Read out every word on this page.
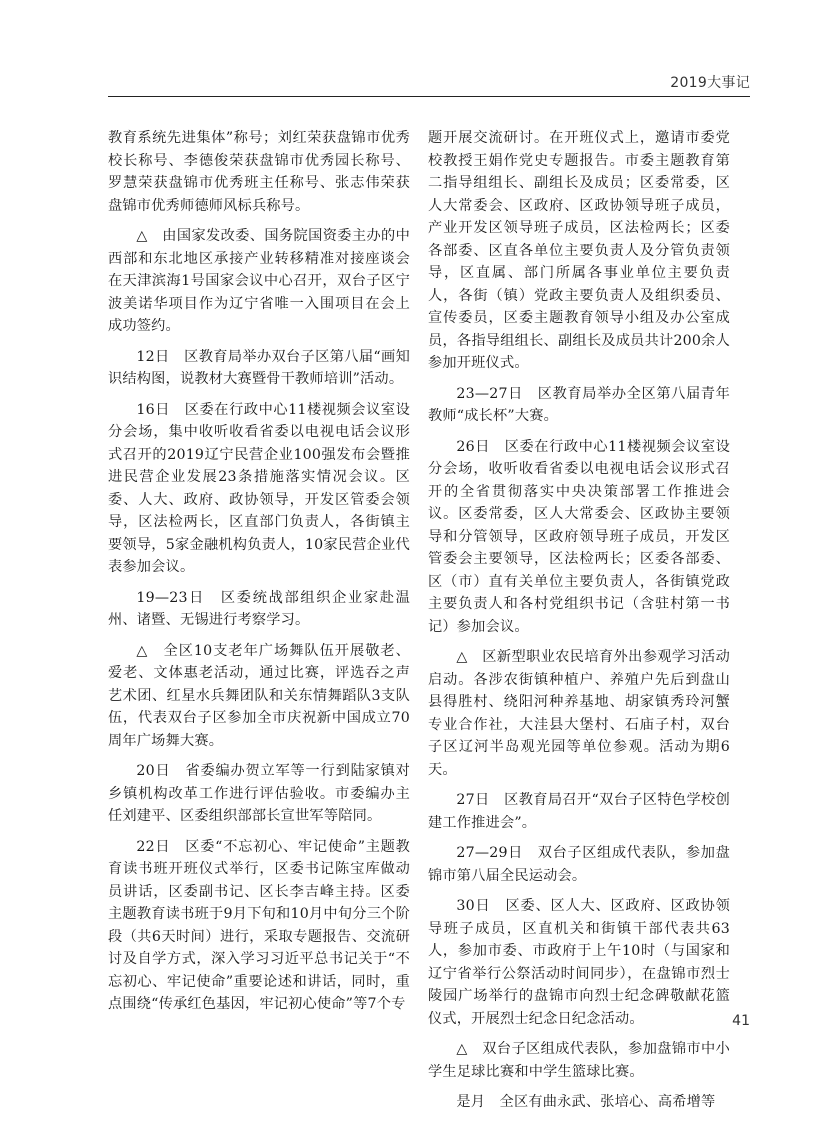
2019大事记

教育系统先进集体”称号；刘红荣获盘锦市优秀校长称号、李德俊荣获盘锦市优秀园长称号、罗慧荣获盘锦市优秀班主任称号、张志伟荣获盘锦市优秀师德师风标兵称号。

△　由国家发改委、国务院国资委主办的中西部和东北地区承接产业转移精准对接座谈会在天津滨海1号国家会议中心召开，双台子区宁波美诺华项目作为辽宁省唯一入围项目在会上成功签约。

12日　区教育局举办双台子区第八届“画知识结构图，说教材大赛暨骨干教师培训”活动。

16日　区委在行政中心11楼视频会议室设分会场，集中收听收看省委以电视电话会议形式召开的2019辽宁民营企业100强发布会暨推进民营企业发展23条措施落实情况会议。区委、人大、政府、政协领导，开发区管委会领导，区法检两长，区直部门负责人，各街镇主要领导，5家金融机构负责人，10家民营企业代表参加会议。

19—23日　区委统战部组织企业家赴温州、诸暨、无锡进行考察学习。

△　全区10支老年广场舞队伍开展敬老、爱老、文体惠老活动，通过比赛，评选吞之声艺术团、红星水兵舞团队和关东情舞蹈队3支队伍，代表双台子区参加全市庆祝新中国成立70周年广场舞大赛。

20日　省委编办贺立军等一行到陆家镇对乡镇机构改革工作进行评估验收。市委编办主任刘建平、区委组织部部长宣世军等陪同。

22日　区委“不忘初心、牢记使命”主题教育读书班开班仪式举行，区委书记陈宝库做动员讲话，区委副书记、区长李吉峰主持。区委主题教育读书班于9月下旬和10月中旬分三个阶段（共6天时间）进行，采取专题报告、交流研讨及自学方式，深入学习习近平总书记关于“不忘初心、牢记使命”重要论述和讲话，同时，重点围绕“传承红色基因，牢记初心使命”等7个专

题开展交流研讨。在开班仪式上，邀请市委党校教授王娟作党史专题报告。市委主题教育第二指导组组长、副组长及成员；区委常委，区人大常委会、区政府、区政协领导班子成员，产业开发区领导班子成员，区法检两长；区委各部委、区直各单位主要负责人及分管负责领导，区直属、部门所属各事业单位主要负责人，各街（镇）党政主要负责人及组织委员、宣传委员，区委主题教育领导小组及办公室成员，各指导组组长、副组长及成员共计200余人参加开班仪式。

23—27日　区教育局举办全区第八届青年教师“成长杯”大赛。

26日　区委在行政中心11楼视频会议室设分会场，收听收看省委以电视电话会议形式召开的全省贯彻落实中央决策部署工作推进会议。区委常委，区人大常委会、区政协主要领导和分管领导，区政府领导班子成员，开发区管委会主要领导，区法检两长；区委各部委、区（市）直有关单位主要负责人，各街镇党政主要负责人和各村党组织书记（含驻村第一书记）参加会议。

△　区新型职业农民培育外出参观学习活动启动。各涉农街镇种植户、养殖户先后到盘山县得胜村、绕阳河种养基地、胡家镇秀玲河蟹专业合作社，大洼县大堡村、石庙子村，双台子区辽河半岛观光园等单位参观。活动为期6天。

27日　区教育局召开“双台子区特色学校创建工作推进会”。

27—29日　双台子区组成代表队，参加盘锦市第八届全民运动会。

30日　区委、区人大、区政府、区政协领导班子成员，区直机关和街镇干部代表共63人，参加市委、市政府于上午10时（与国家和辽宁省举行公祭活动时间同步），在盘锦市烈士陵园广场举行的盘锦市向烈士纪念碑敬献花篮仪式，开展烈士纪念日纪念活动。

△　双台子区组成代表队，参加盘锦市中小学生足球比赛和中学生篮球比赛。

是月　全区有曲永武、张培心、高希增等

41
